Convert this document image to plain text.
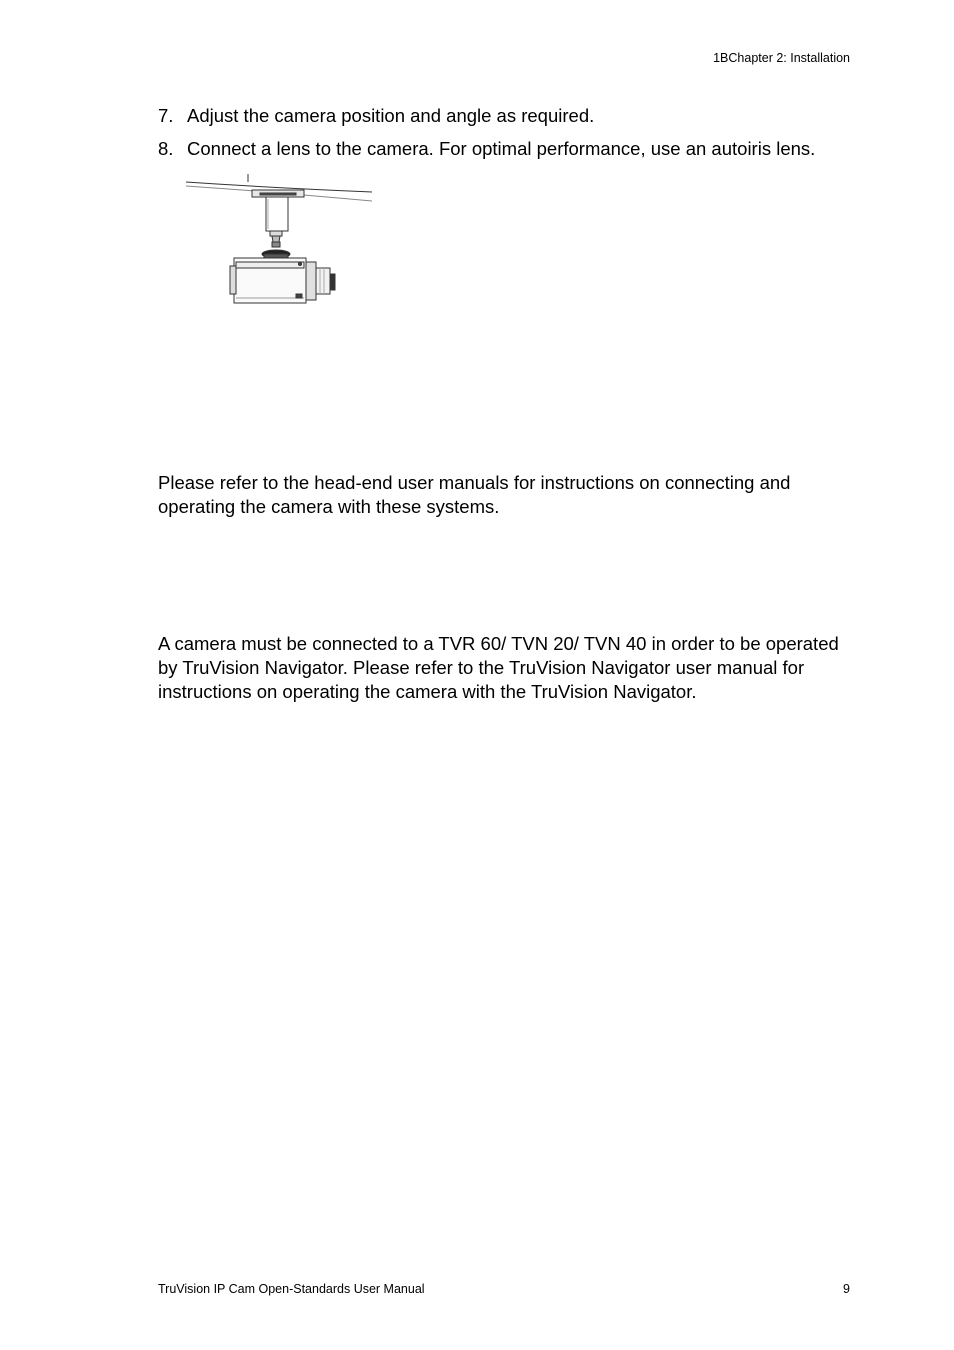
1BChapter 2: Installation
7. Adjust the camera position and angle as required.
8. Connect a lens to the camera. For optimal performance, use an autoiris lens.

Please refer to the head-end user manuals for instructions on connecting and operating the camera with these systems.

A camera must be connected to a TVR 60/ TVN 20/ TVN 40 in order to be operated by TruVision Navigator. Please refer to the TruVision Navigator user manual for instructions on operating the camera with the TruVision Navigator.

TruVision IP Cam Open-Standards User Manual	9
